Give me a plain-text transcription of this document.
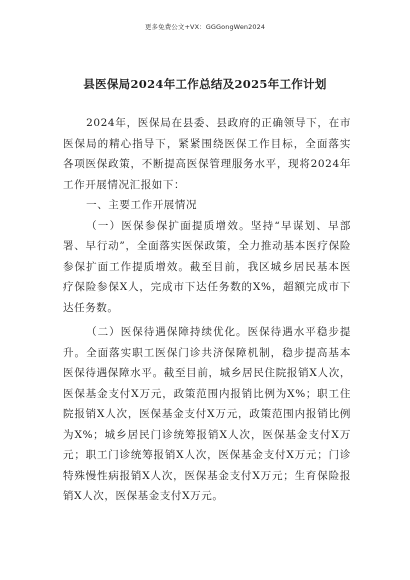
更多免费公文+VX：GGGongWen2024
县医保局2024年工作总结及2025年工作计划

2024年，医保局在县委、县政府的正确领导下，在市医保局的精心指导下，紧紧围绕医保工作目标，全面落实各项医保政策，不断提高医保管理服务水平，现将2024年工作开展情况汇报如下：

一、主要工作开展情况

（一）医保参保扩面提质增效。坚持“早谋划、早部署、早行动”，全面落实医保政策，全力推动基本医疗保险参保扩面工作提质增效。截至目前，我区城乡居民基本医疗保险参保X人，完成市下达任务数的X%，超额完成市下达任务数。

（二）医保待遇保障持续优化。医保待遇水平稳步提升。全面落实职工医保门诊共济保障机制，稳步提高基本医保待遇保障水平。截至目前，城乡居民住院报销X人次，医保基金支付X万元，政策范围内报销比例为X%；职工住院报销X人次，医保基金支付X万元，政策范围内报销比例为X%；城乡居民门诊统筹报销X人次，医保基金支付X万元；职工门诊统筹报销X人次，医保基金支付X万元；门诊特殊慢性病报销X人次，医保基金支付X万元；生育保险报销X人次，医保基金支付X万元。
